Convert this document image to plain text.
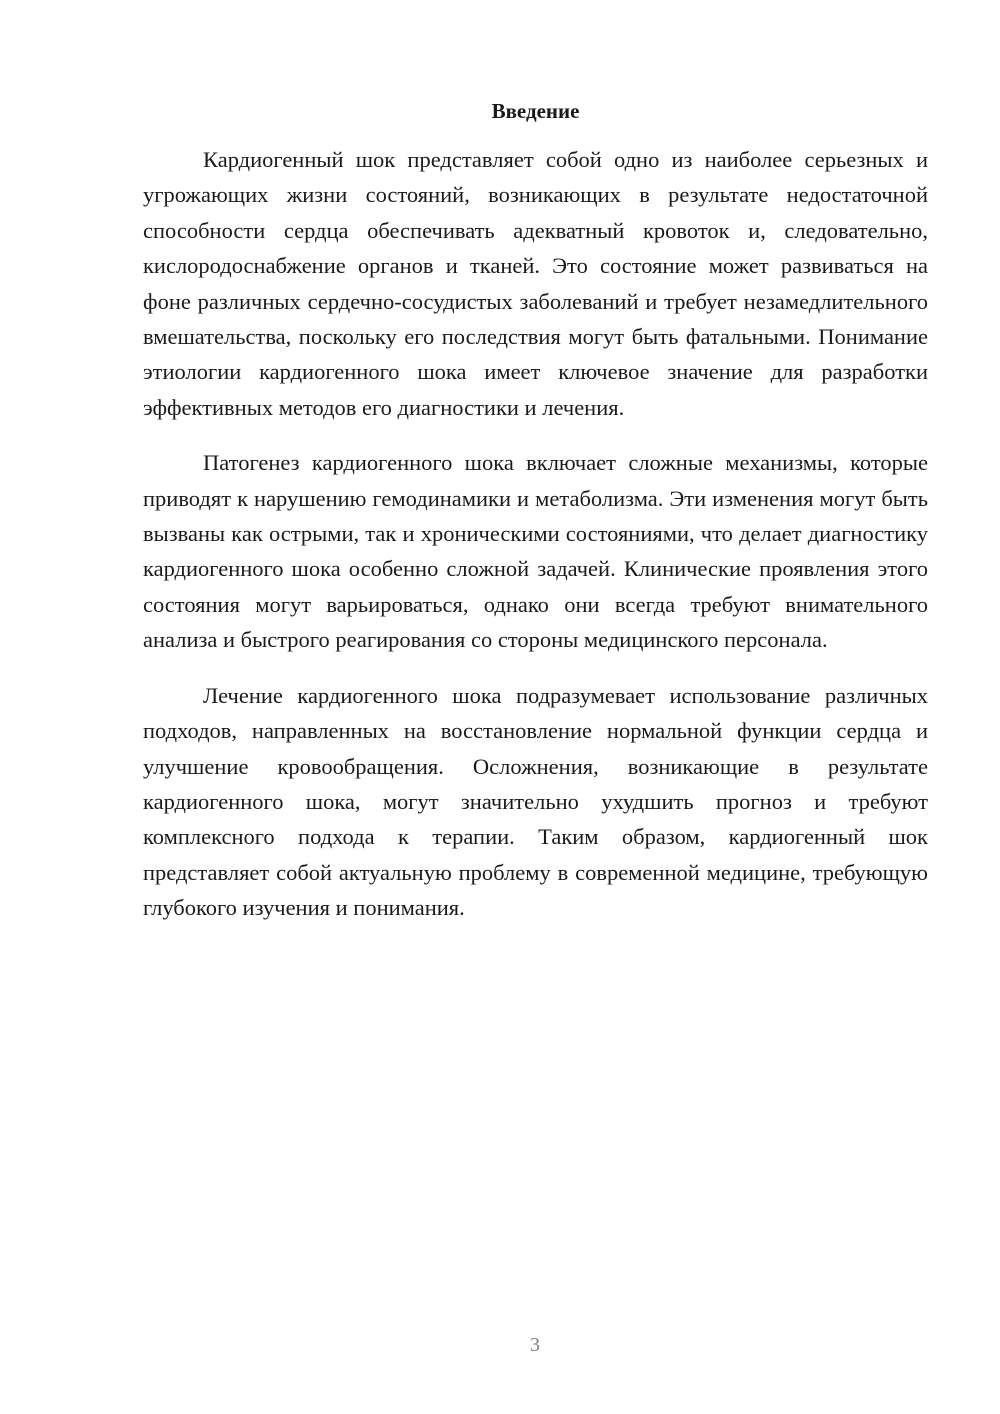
Введение

Кардиогенный шок представляет собой одно из наиболее серьезных и угрожающих жизни состояний, возникающих в результате недостаточной способности сердца обеспечивать адекватный кровоток и, следовательно, кислородоснабжение органов и тканей. Это состояние может развиваться на фоне различных сердечно-сосудистых заболеваний и требует незамедлительного вмешательства, поскольку его последствия могут быть фатальными. Понимание этиологии кардиогенного шока имеет ключевое значение для разработки эффективных методов его диагностики и лечения.

Патогенез кардиогенного шока включает сложные механизмы, которые приводят к нарушению гемодинамики и метаболизма. Эти изменения могут быть вызваны как острыми, так и хроническими состояниями, что делает диагностику кардиогенного шока особенно сложной задачей. Клинические проявления этого состояния могут варьироваться, однако они всегда требуют внимательного анализа и быстрого реагирования со стороны медицинского персонала.

Лечение кардиогенного шока подразумевает использование различных подходов, направленных на восстановление нормальной функции сердца и улучшение кровообращения. Осложнения, возникающие в результате кардиогенного шока, могут значительно ухудшить прогноз и требуют комплексного подхода к терапии. Таким образом, кардиогенный шок представляет собой актуальную проблему в современной медицине, требующую глубокого изучения и понимания.

3
